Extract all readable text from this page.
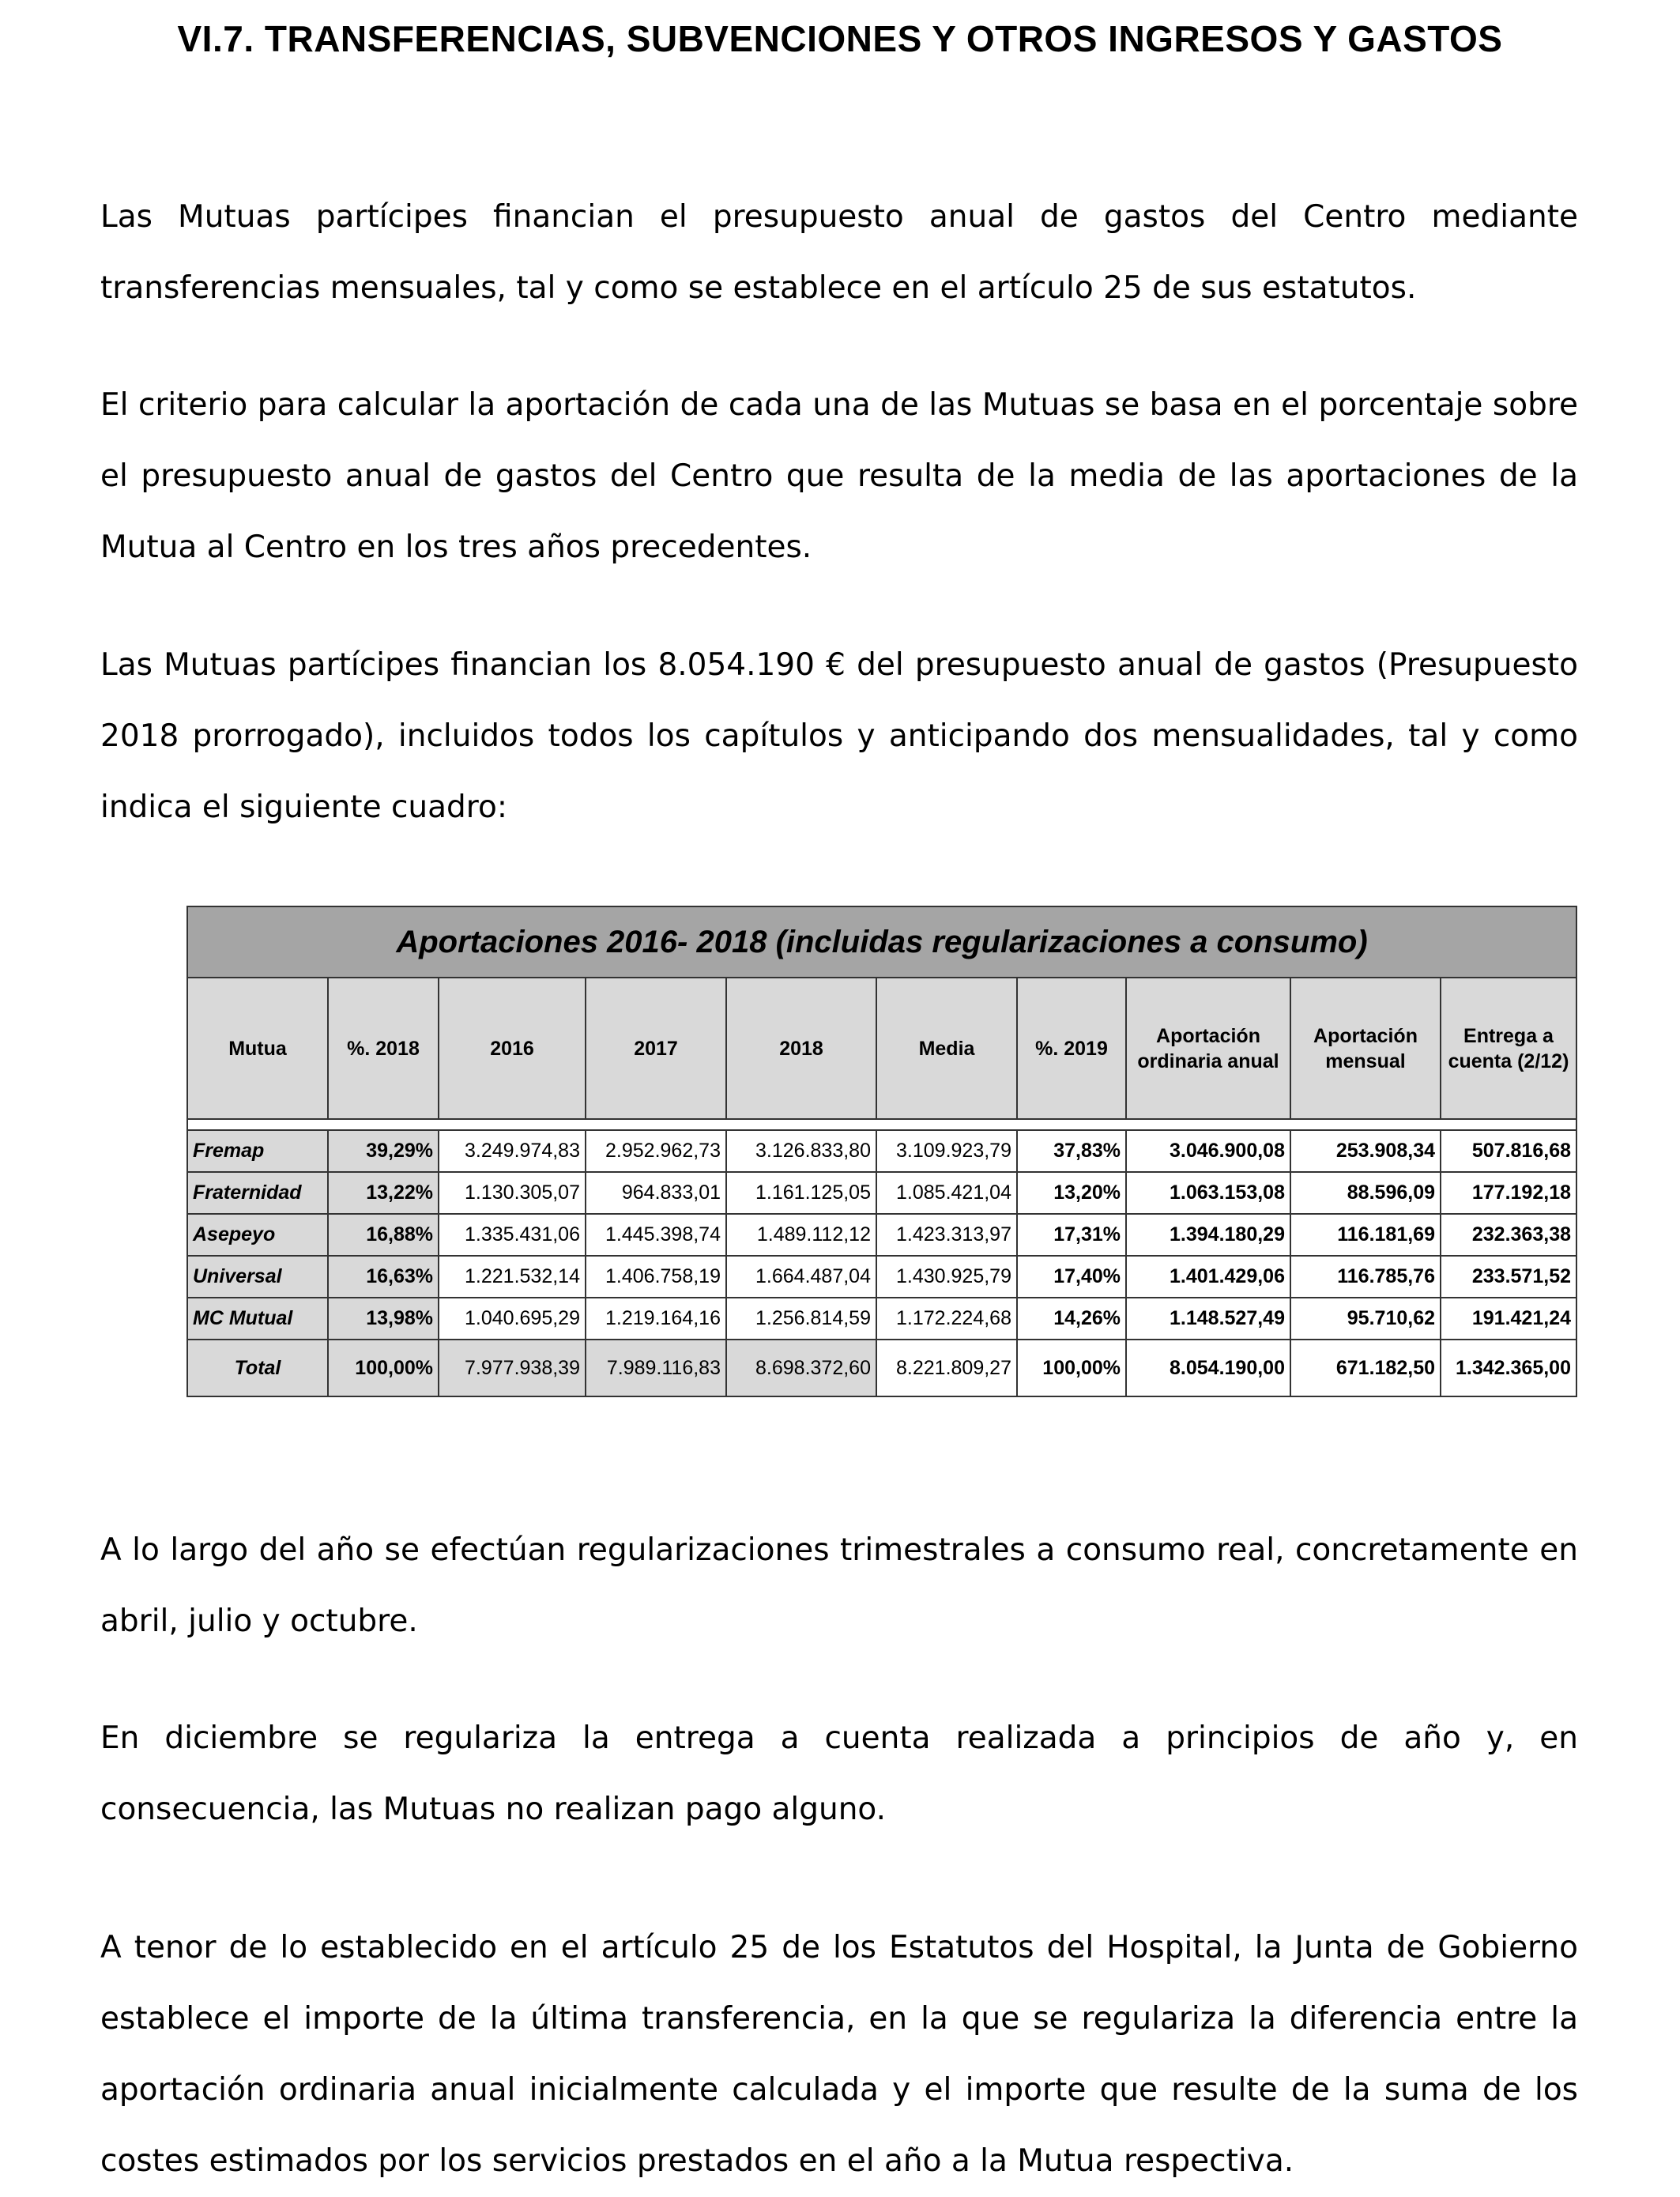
VI.7. TRANSFERENCIAS, SUBVENCIONES Y OTROS INGRESOS Y GASTOS

Las Mutuas partícipes financian el presupuesto anual de gastos del Centro mediante transferencias mensuales, tal y como se establece en el artículo 25 de sus estatutos.

El criterio para calcular la aportación de cada una de las Mutuas se basa en el porcentaje sobre el presupuesto anual de gastos del Centro que resulta de la media de las aportaciones de la Mutua al Centro en los tres años precedentes.

Las Mutuas partícipes financian los 8.054.190 € del presupuesto anual de gastos (Presupuesto 2018 prorrogado), incluidos todos los capítulos y anticipando dos mensualidades, tal y como indica el siguiente cuadro:

Aportaciones 2016- 2018 (incluidas regularizaciones a consumo)									
Mutua	%. 2018	2016	2017	2018	Media	%. 2019	Aportación ordinaria anual	Aportación mensual	Entrega a cuenta (2/12)

Fremap	39,29%	3.249.974,83	2.952.962,73	3.126.833,80	3.109.923,79	37,83%	3.046.900,08	253.908,34	507.816,68
Fraternidad	13,22%	1.130.305,07	964.833,01	1.161.125,05	1.085.421,04	13,20%	1.063.153,08	88.596,09	177.192,18
Asepeyo	16,88%	1.335.431,06	1.445.398,74	1.489.112,12	1.423.313,97	17,31%	1.394.180,29	116.181,69	232.363,38
Universal	16,63%	1.221.532,14	1.406.758,19	1.664.487,04	1.430.925,79	17,40%	1.401.429,06	116.785,76	233.571,52
MC Mutual	13,98%	1.040.695,29	1.219.164,16	1.256.814,59	1.172.224,68	14,26%	1.148.527,49	95.710,62	191.421,24
Total	100,00%	7.977.938,39	7.989.116,83	8.698.372,60	8.221.809,27	100,00%	8.054.190,00	671.182,50	1.342.365,00

A lo largo del año se efectúan regularizaciones trimestrales a consumo real, concretamente en abril, julio y octubre.

En diciembre se regulariza la entrega a cuenta realizada a principios de año y, en consecuencia, las Mutuas no realizan pago alguno.

A tenor de lo establecido en el artículo 25 de los Estatutos del Hospital, la Junta de Gobierno establece el importe de la última transferencia, en la que se regulariza la diferencia entre la aportación ordinaria anual inicialmente calculada y el importe que resulte de la suma de los costes estimados por los servicios prestados en el año a la Mutua respectiva.
